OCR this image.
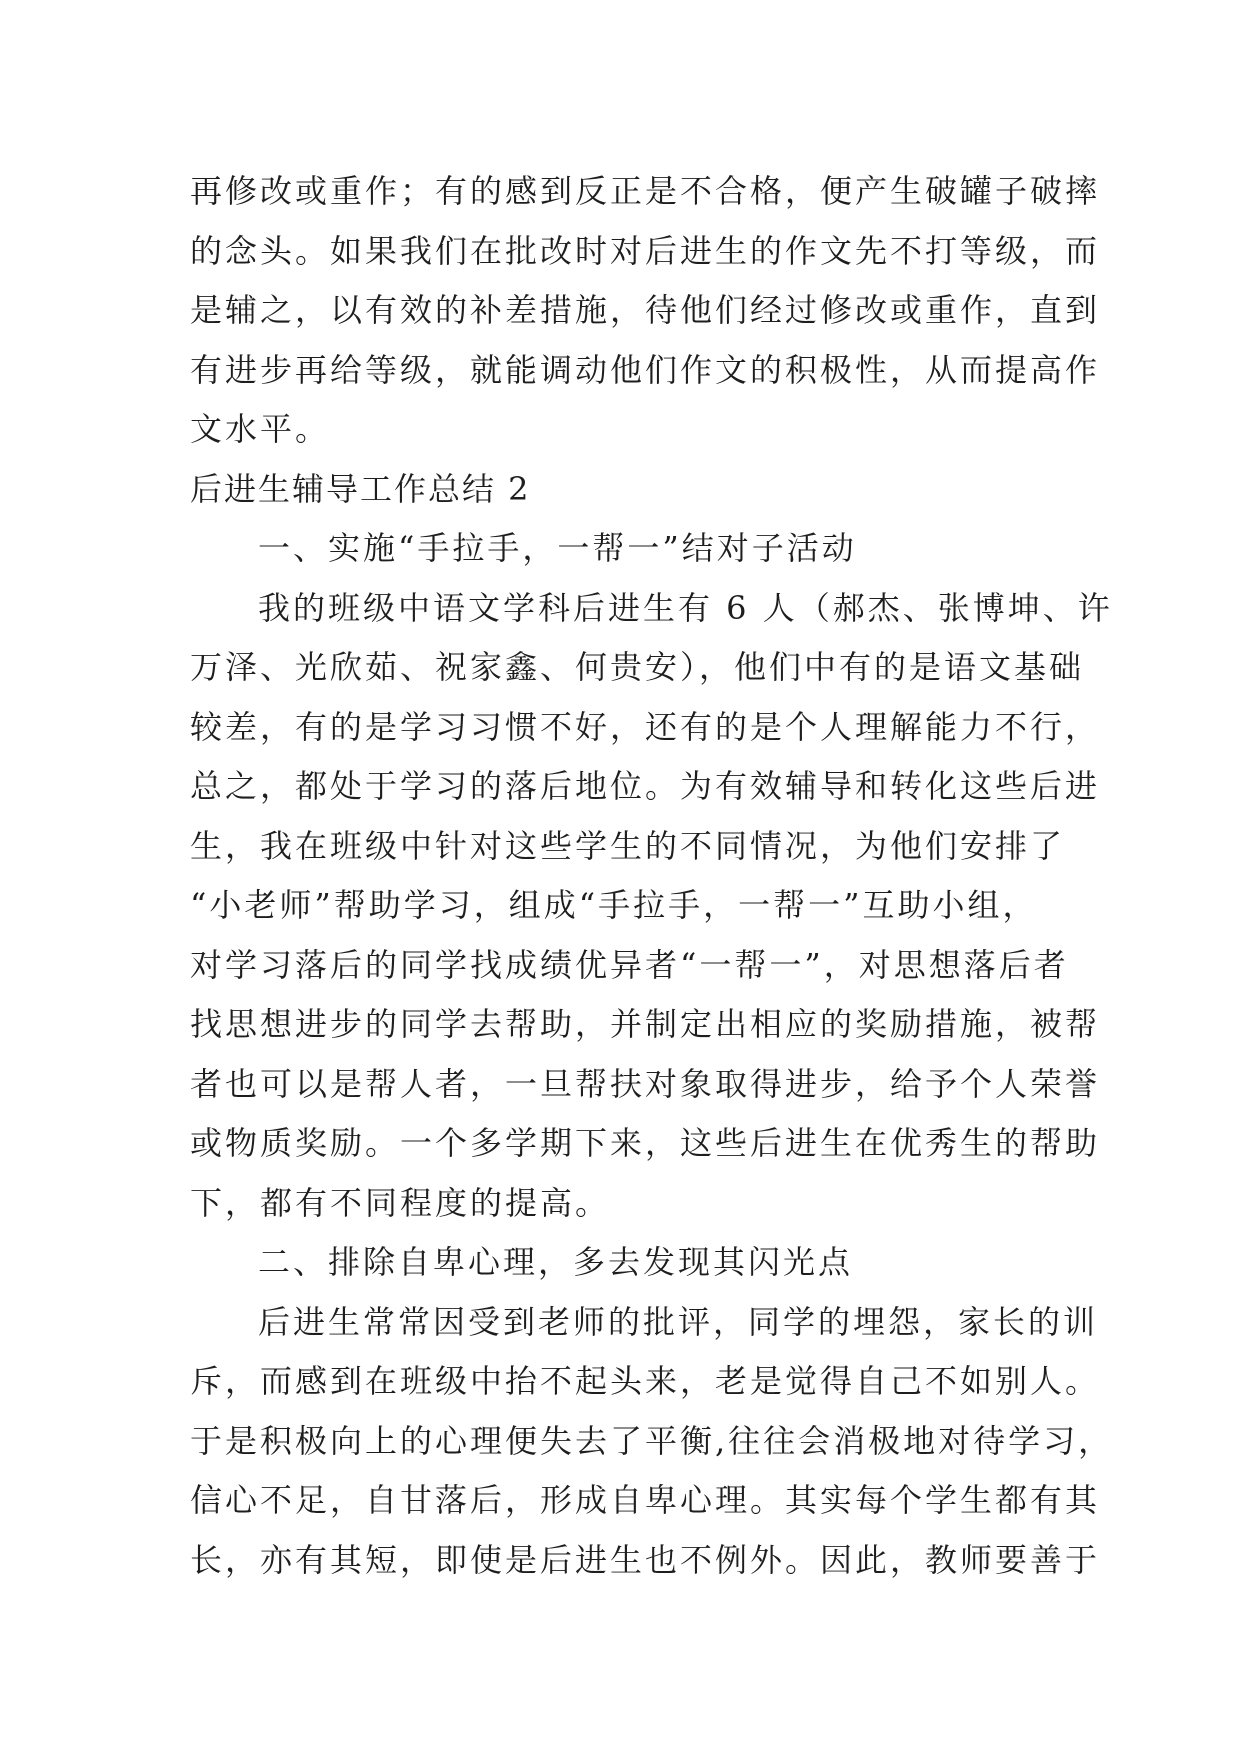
再修改或重作；有的感到反正是不合格，便产生破罐子破摔
的念头。如果我们在批改时对后进生的作文先不打等级，而
是辅之，以有效的补差措施，待他们经过修改或重作，直到
有进步再给等级，就能调动他们作文的积极性，从而提高作
文水平。
后进生辅导工作总结 2
一、实施“手拉手，一帮一”结对子活动
我的班级中语文学科后进生有 6 人（郝杰、张博坤、许
万泽、光欣茹、祝家鑫、何贵安），他们中有的是语文基础
较差，有的是学习习惯不好，还有的是个人理解能力不行，
总之，都处于学习的落后地位。为有效辅导和转化这些后进
生，我在班级中针对这些学生的不同情况，为他们安排了
“小老师”帮助学习，组成“手拉手，一帮一”互助小组，
对学习落后的同学找成绩优异者“一帮一”，对思想落后者
找思想进步的同学去帮助，并制定出相应的奖励措施，被帮
者也可以是帮人者，一旦帮扶对象取得进步，给予个人荣誉
或物质奖励。一个多学期下来，这些后进生在优秀生的帮助
下，都有不同程度的提高。
二、排除自卑心理，多去发现其闪光点
后进生常常因受到老师的批评，同学的埋怨，家长的训
斥，而感到在班级中抬不起头来，老是觉得自己不如别人。
于是积极向上的心理便失去了平衡,往往会消极地对待学习，
信心不足，自甘落后，形成自卑心理。其实每个学生都有其
长，亦有其短，即使是后进生也不例外。因此，教师要善于
